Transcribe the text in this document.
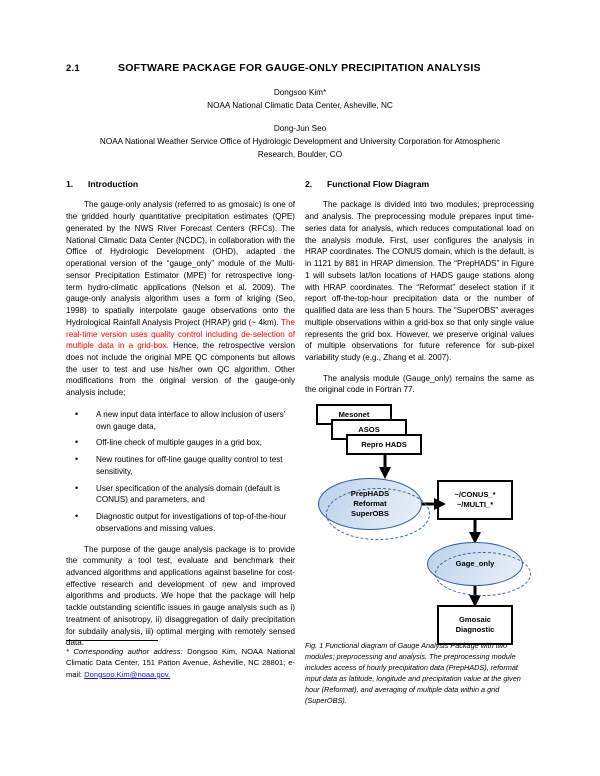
2.1	SOFTWARE PACKAGE FOR GAUGE-ONLY PRECIPITATION ANALYSIS
Dongsoo Kim*
NOAA National Climatic Data Center, Asheville, NC
Dong-Jun Seo
NOAA National Weather Service Office of Hydrologic Development and University Corporation for Atmospheric
Research, Boulder, CO
1.	Introduction

The gauge-only analysis (referred to as gmosaic) is one of the gridded hourly quantitative precipitation estimates (QPE) generated by the NWS River Forecast Centers (RFCs). The National Climatic Data Center (NCDC), in collaboration with the Office of Hydrologic Development (OHD), adapted the operational version of the “gauge_only” module of the Multi-sensor Precipitation Estimator (MPE) for retrospective long-term hydro-climatic applications (Nelson et al. 2009). The gauge-only analysis algorithm uses a form of kriging (Seo, 1998) to spatially interpolate gauge observations onto the Hydrological Rainfall Analysis Project (HRAP) grid (~ 4km). The real-time version uses quality control including de-selection of multiple data in a grid-box. Hence, the retrospective version does not include the original MPE QC components but allows the user to test and use his/her own QC algorithm. Other modifications from the original version of the gauge-only analysis include;

• A new input data interface to allow inclusion of users’ own gauge data,
• Off-line check of multiple gauges in a grid box,
• New routines for off-line gauge quality control to test sensitivity,
• User specification of the analysis domain (default is CONUS) and parameters, and
• Diagnostic output for investigations of top-of-the-hour observations and missing values.

The purpose of the gauge analysis package is to provide the community a tool test, evaluate and benchmark their advanced algorithms and applications against baseline for cost-effective research and development of new and improved algorithms and products. We hope that the package will help tackle outstanding scientific issues in gauge analysis such as i) treatment of anisotropy, ii) disaggregation of daily precipitation for subdaily analysis, iii) optimal merging with remotely sensed data.

* Corresponding author address: Dongsoo Kim, NOAA National Climatic Data Center, 151 Patton Avenue, Asheville, NC 28801; e-mail: Dongsoo.Kim@noaa.gov.
2.	Functional Flow Diagram

The package is divided into two modules; preprocessing and analysis. The preprocessing module prepares input time-series data for analysis, which reduces computational load on the analysis module. First, user configures the analysis in HRAP coordinates. The CONUS domain, which is the default, is in 1121 by 881 in HRAP dimension. The “PrepHADS” in Figure 1 will subsets lat/lon locations of HADS gauge stations along with HRAP coordinates. The “Reformat” deselect station if it report off-the-top-hour precipitation data or the number of qualified data are less than 5 hours. The “SuperOBS” averages multiple observations within a grid-box so that only single value represents the grid box. However, we preserve original values of multiple observations for future reference for sub-pixel variability study (e.g., Zhang et al. 2007).

The analysis module (Gauge_only) remains the same as the original code in Fortran 77.

Mesonet
ASOS
Repro HADS
PrepHADS
Reformat
SuperOBS
~/CONUS_*
~/MULTI_*
Gage_only
Gmosaic
Diagnostic
Fig. 1 Functional diagram of Gauge Analysis Package with two modules; preprocessing and analysis. The preprocessing module includes access of hourly precipitation data (PrepHADS), reformat input data as latitude, longitude and precipitation value at the given hour (Reformat), and averaging of multiple data within a grid (SuperOBS).
